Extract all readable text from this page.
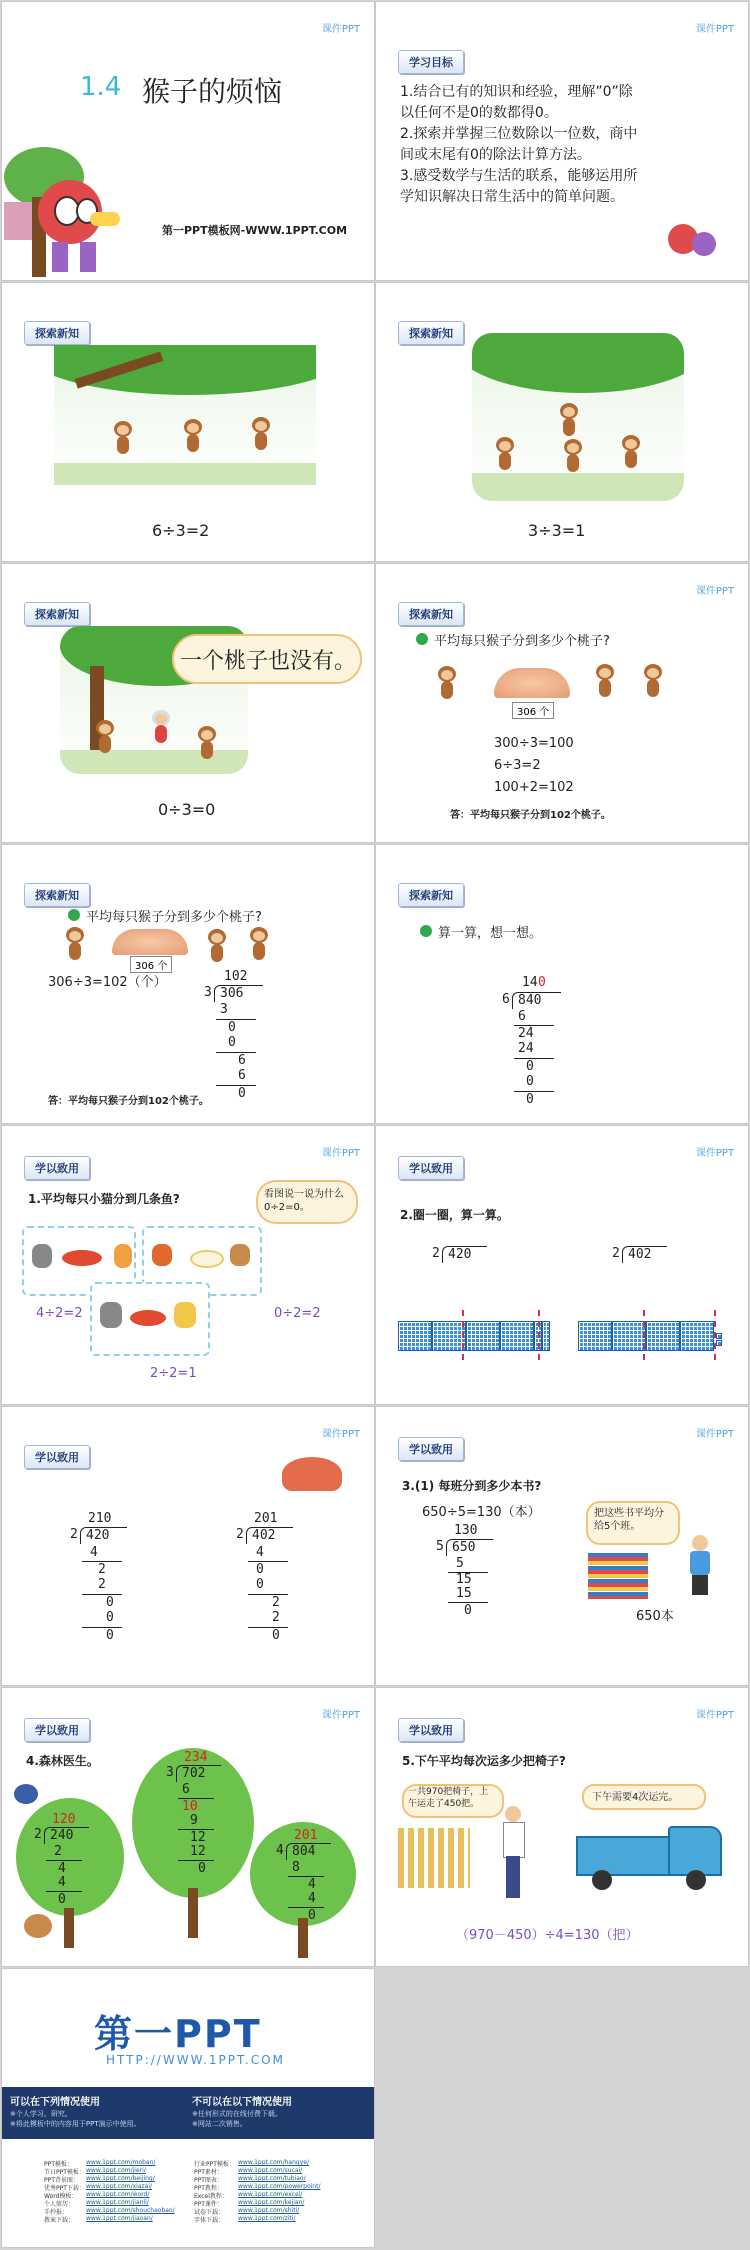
课件PPT
1.4 猴子的烦恼
第一PPT模板网-WWW.1PPT.COM
课件PPT
学习目标
1.结合已有的知识和经验，理解”0”除
以任何不是0的数都得0。
2.探索并掌握三位数除以一位数，商中
间或末尾有0的除法计算方法。
3.感受数学与生活的联系，能够运用所
学知识解决日常生活中的简单问题。
探索新知
6÷3=2
探索新知
3÷3=1
探索新知
一个桃子也没有。
0÷3=0
课件PPT
探索新知
平均每只猴子分到多少个桃子?
306 个
300÷3=100
6÷3=2
100+2=102
答：平均每只猴子分到102个桃子。
探索新知
平均每只猴子分到多少个桃子?
306 个
306÷3=102（个）	102
3 306
3
0
0
6
6
0
答：平均每只猴子分到102个桃子。
探索新知
算一算，想一想。
14 0
6 840
6
24
24
0
0
0
课件PPT
学以致用
1.平均每只小猫分到几条鱼?	看图说一说为什么0÷2=0。
4÷2=2	0÷2=2
2÷2=1
课件PPT
学以致用
2.圈一圈，算一算。
2 420	2 402
课件PPT
学以致用
210
2 420
4
2
2
0
0
0
201
2 402
4
0
0
2
2
0
课件PPT
学以致用
3.(1) 每班分到多少本书?
650÷5=130（本）
130
5 650
5
15
15
0
把这些书平均分给5个班。
650本
课件PPT
学以致用
4.森林医生。
120
2 240
2
4
4
0
234
3 702
6
10
9
12
12
0
201
4 804
8
4
4
0
课件PPT
学以致用
5.下午平均每次运多少把椅子?
一共970把椅子，上午运走了450把。
下午需要4次运完。
（970－450）÷4=130（把）
第一PPT
HTTP://WWW.1PPT.COM
可以在下列情况使用
※个人学习、研究。
※将此模板中的内容用于PPT演示中使用。
不可以在以下情况使用
※任何形式的在线付费下载。
※网站二次销售。
PPT模板： www.1ppt.com/moban/
节日PPT模板： www.1ppt.com/jieri/
PPT背景图： www.1ppt.com/beijing/
优秀PPT下载： www.1ppt.com/xiazai/
Word模板： www.1ppt.com/word/
个人简历： www.1ppt.com/jianli/
手抄报：	www.1ppt.com/shouchaobao/
教案下载： www.1ppt.com/jiaoan/
行业PPT模板： www.1ppt.com/hangye/
PPT素材：	www.1ppt.com/sucai/
PPT图表：	www.1ppt.com/tubiao/
PPT教程：	www.1ppt.com/powerpoint/
Excel教程： www.1ppt.com/excel/
PPT课件：	www.1ppt.com/kejian/
试卷下载： www.1ppt.com/shiti/
字体下载： www.1ppt.com/ziti/
